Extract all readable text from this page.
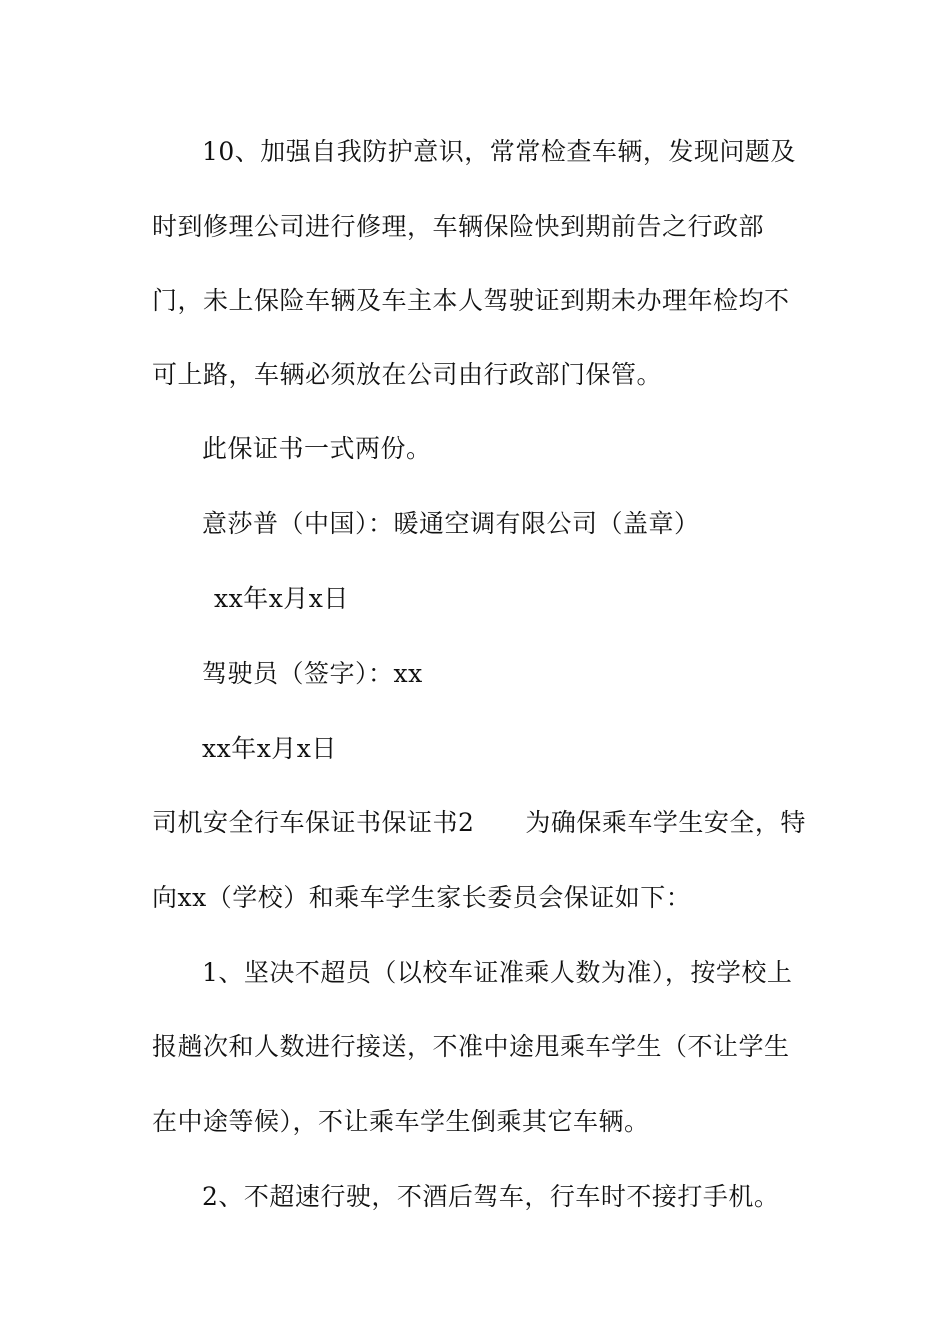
10、加强自我防护意识，常常检查车辆，发现问题及
时到修理公司进行修理，车辆保险快到期前告之行政部
门，未上保险车辆及车主本人驾驶证到期未办理年检均不
可上路，车辆必须放在公司由行政部门保管。
此保证书一式两份。
意莎普（中国）：暖通空调有限公司（盖章）
xx年x月x日
驾驶员（签字）：xx
xx年x月x日
司机安全行车保证书保证书2　　为确保乘车学生安全，特
向xx（学校）和乘车学生家长委员会保证如下：
1、坚决不超员（以校车证准乘人数为准），按学校上
报趟次和人数进行接送，不准中途甩乘车学生（不让学生
在中途等候），不让乘车学生倒乘其它车辆。
2、不超速行驶，不酒后驾车，行车时不接打手机。
